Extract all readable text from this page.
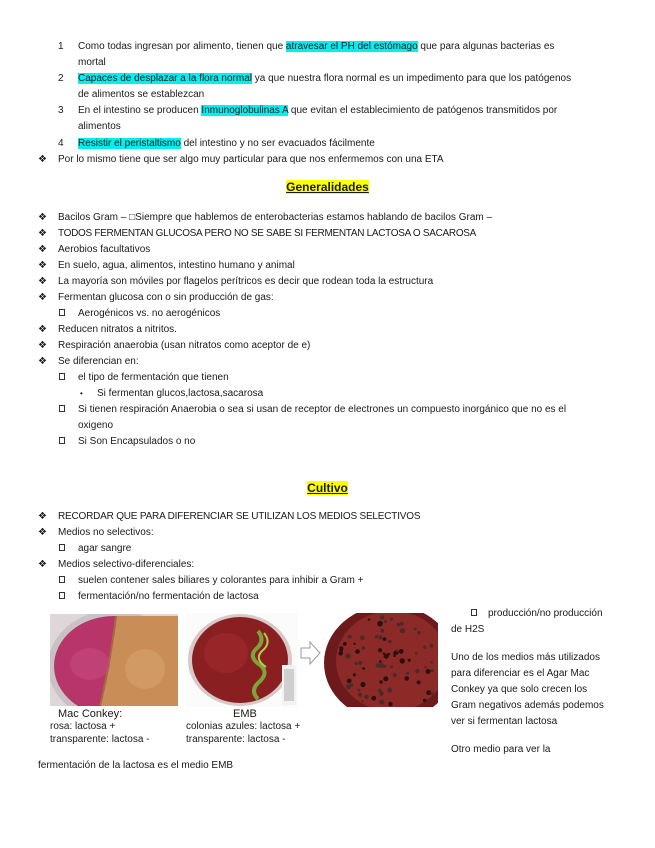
1 Como todas ingresan por alimento, tienen que atravesar el PH del estómago que para algunas bacterias es
mortal
2 Capaces de desplazar a la flora normal ya que nuestra flora normal es un impedimento para que los patógenos
de alimentos se establezcan
3 En el intestino se producen Inmunoglobulinas A que evitan el establecimiento de patógenos transmitidos por
alimentos
4 Resistir el peristaltismo del intestino y no ser evacuados fácilmente
❖ Por lo mismo tiene que ser algo muy particular para que nos enfermemos con una ETA
Generalidades
❖ Bacilos Gram – □Siempre que hablemos de enterobacterias estamos hablando de bacilos Gram –
❖ TODOS FERMENTAN GLUCOSA PERO NO SE SABE SI FERMENTAN LACTOSA O SACAROSA
❖ Aerobios facultativos
❖ En suelo, agua, alimentos, intestino humano y animal
❖ La mayoría son móviles por flagelos perítricos es decir que rodean toda la estructura
❖ Fermentan glucosa con o sin producción de gas:
Aerogénicos vs. no aerogénicos
❖ Reducen nitratos a nitritos.
❖ Respiración anaerobia (usan nitratos como aceptor de e)
❖ Se diferencian en:
el tipo de fermentación que tienen
• Si fermentan glucos,lactosa,sacarosa
Si tienen respiración Anaerobia o sea si usan de receptor de electrones un compuesto inorgánico que no es el
oxigeno
Si Son Encapsulados o no
Cultivo
❖ RECORDAR QUE PARA DIFERENCIAR SE UTILIZAN LOS MEDIOS SELECTIVOS
❖ Medios no selectivos:
agar sangre
❖ Medios selectivo-diferenciales:
suelen contener sales biliares y colorantes para inhibir a Gram +
fermentación/no fermentación de lactosa
producción/no producción
de H2S
Uno de los medios más utilizados
para diferenciar es el Agar Mac
Conkey ya que solo crecen los
Gram negativos además podemos
ver si fermentan lactosa
Otro medio para ver la
fermentación de la lactosa es el medio EMB
Mac Conkey:
rosa: lactosa +
transparente: lactosa -
EMB
colonias azules: lactosa +
transparente: lactosa -
